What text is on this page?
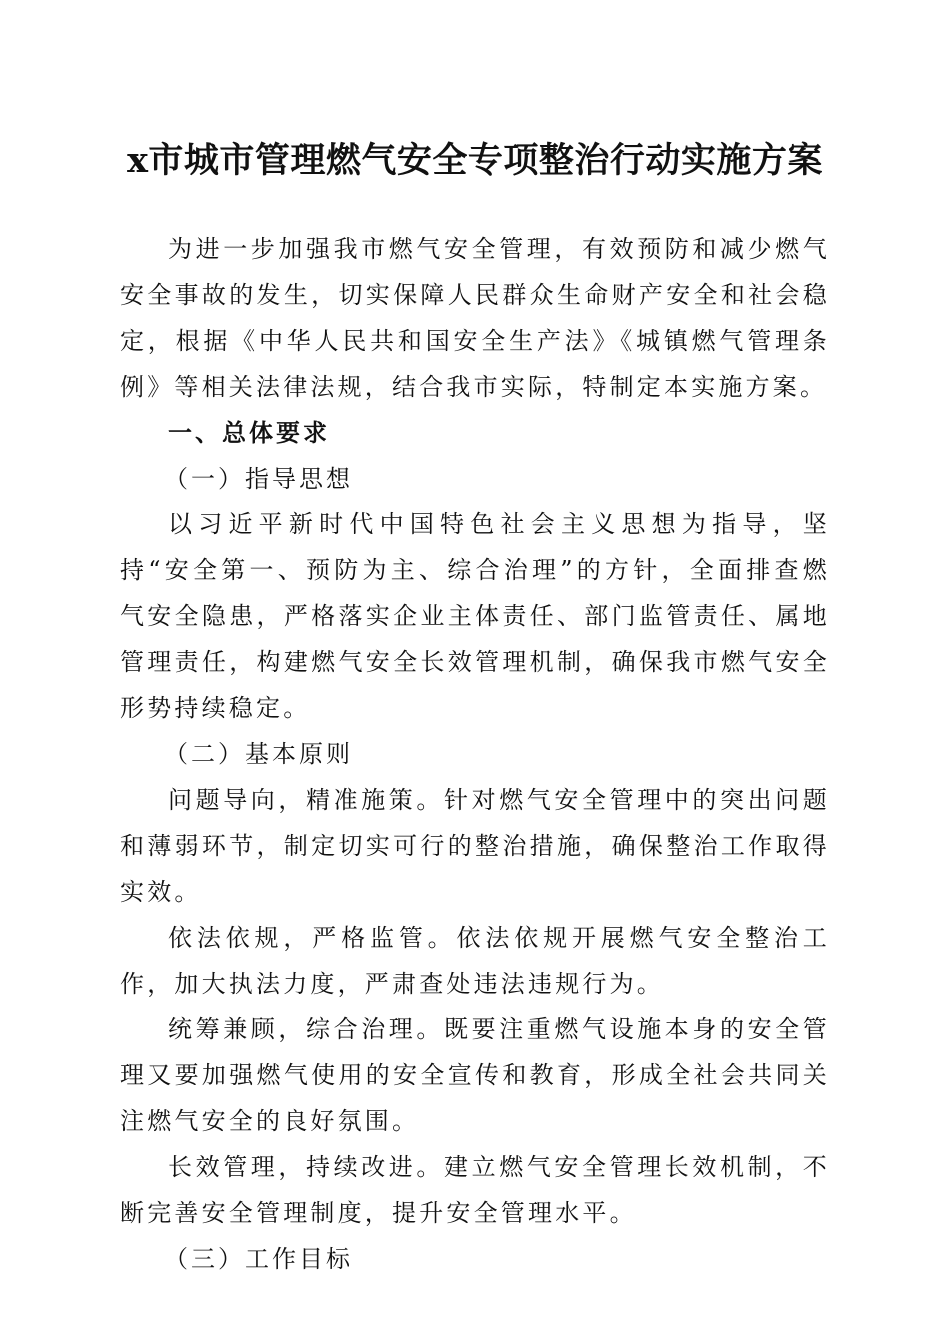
x市城市管理燃气安全专项整治行动实施方案

为进一步加强我市燃气安全管理，有效预防和减少燃气安全事故的发生，切实保障人民群众生命财产安全和社会稳定，根据《中华人民共和国安全生产法》《城镇燃气管理条例》等相关法律法规，结合我市实际，特制定本实施方案。

一、总体要求

（一）指导思想

以习近平新时代中国特色社会主义思想为指导，坚持“安全第一、预防为主、综合治理”的方针，全面排查燃气安全隐患，严格落实企业主体责任、部门监管责任、属地管理责任，构建燃气安全长效管理机制，确保我市燃气安全形势持续稳定。

（二）基本原则

问题导向，精准施策。针对燃气安全管理中的突出问题和薄弱环节，制定切实可行的整治措施，确保整治工作取得实效。

依法依规，严格监管。依法依规开展燃气安全整治工作，加大执法力度，严肃查处违法违规行为。

统筹兼顾，综合治理。既要注重燃气设施本身的安全管理又要加强燃气使用的安全宣传和教育，形成全社会共同关注燃气安全的良好氛围。

长效管理，持续改进。建立燃气安全管理长效机制，不断完善安全管理制度，提升安全管理水平。

（三）工作目标
